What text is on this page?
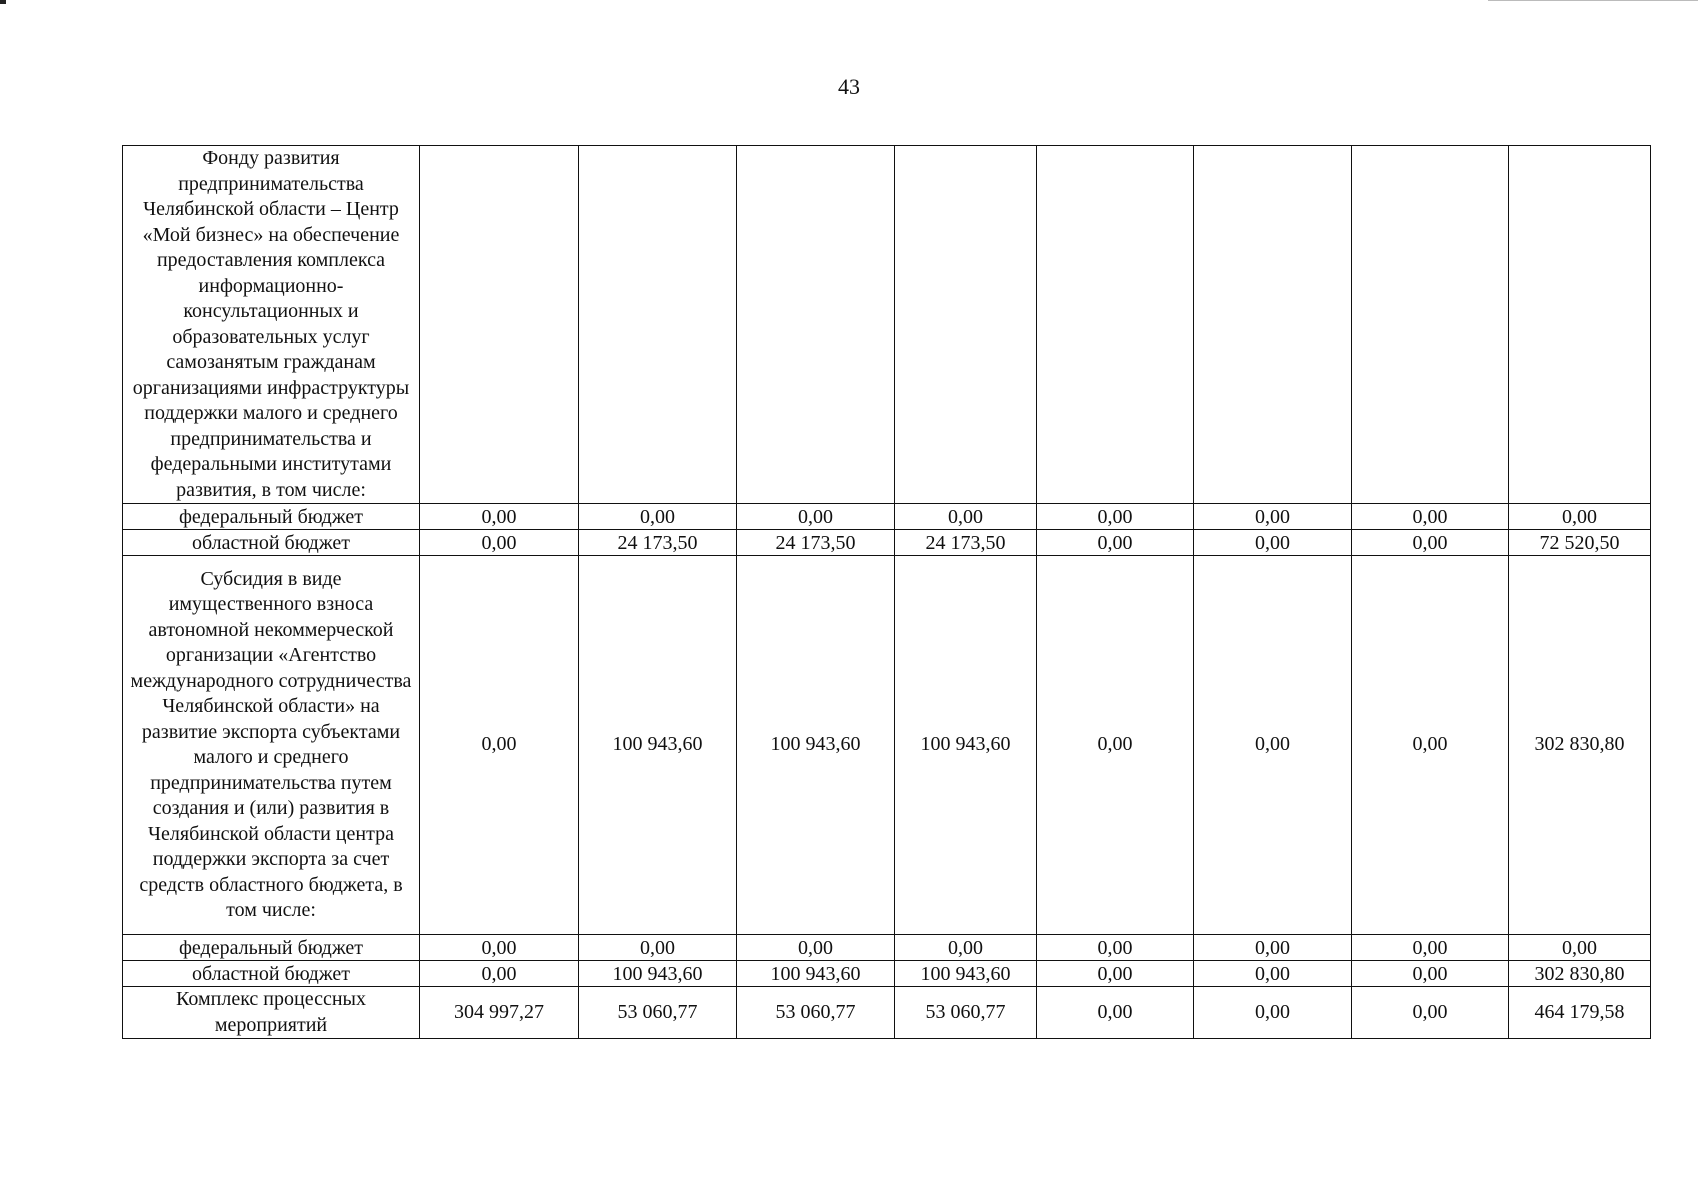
43
Фонду развития предпринимательства Челябинской области – Центр «Мой бизнес» на обеспечение предоставления комплекса информационно-консультационных и образовательных услуг самозанятым гражданам организациями инфраструктуры поддержки малого и среднего предпринимательства и федеральными институтами развития, в том числе:								
федеральный бюджет	0,00	0,00	0,00	0,00	0,00	0,00	0,00	0,00
областной бюджет	0,00	24 173,50	24 173,50	24 173,50	0,00	0,00	0,00	72 520,50
Субсидия в виде имущественного взноса автономной некоммерческой организации «Агентство международного сотрудничества Челябинской области» на развитие экспорта субъектами малого и среднего предпринимательства путем создания и (или) развития в Челябинской области центра поддержки экспорта за счет средств областного бюджета, в том числе:	0,00	100 943,60	100 943,60	100 943,60	0,00	0,00	0,00	302 830,80
федеральный бюджет	0,00	0,00	0,00	0,00	0,00	0,00	0,00	0,00
областной бюджет	0,00	100 943,60	100 943,60	100 943,60	0,00	0,00	0,00	302 830,80
Комплекс процессных мероприятий	304 997,27	53 060,77	53 060,77	53 060,77	0,00	0,00	0,00	464 179,58
